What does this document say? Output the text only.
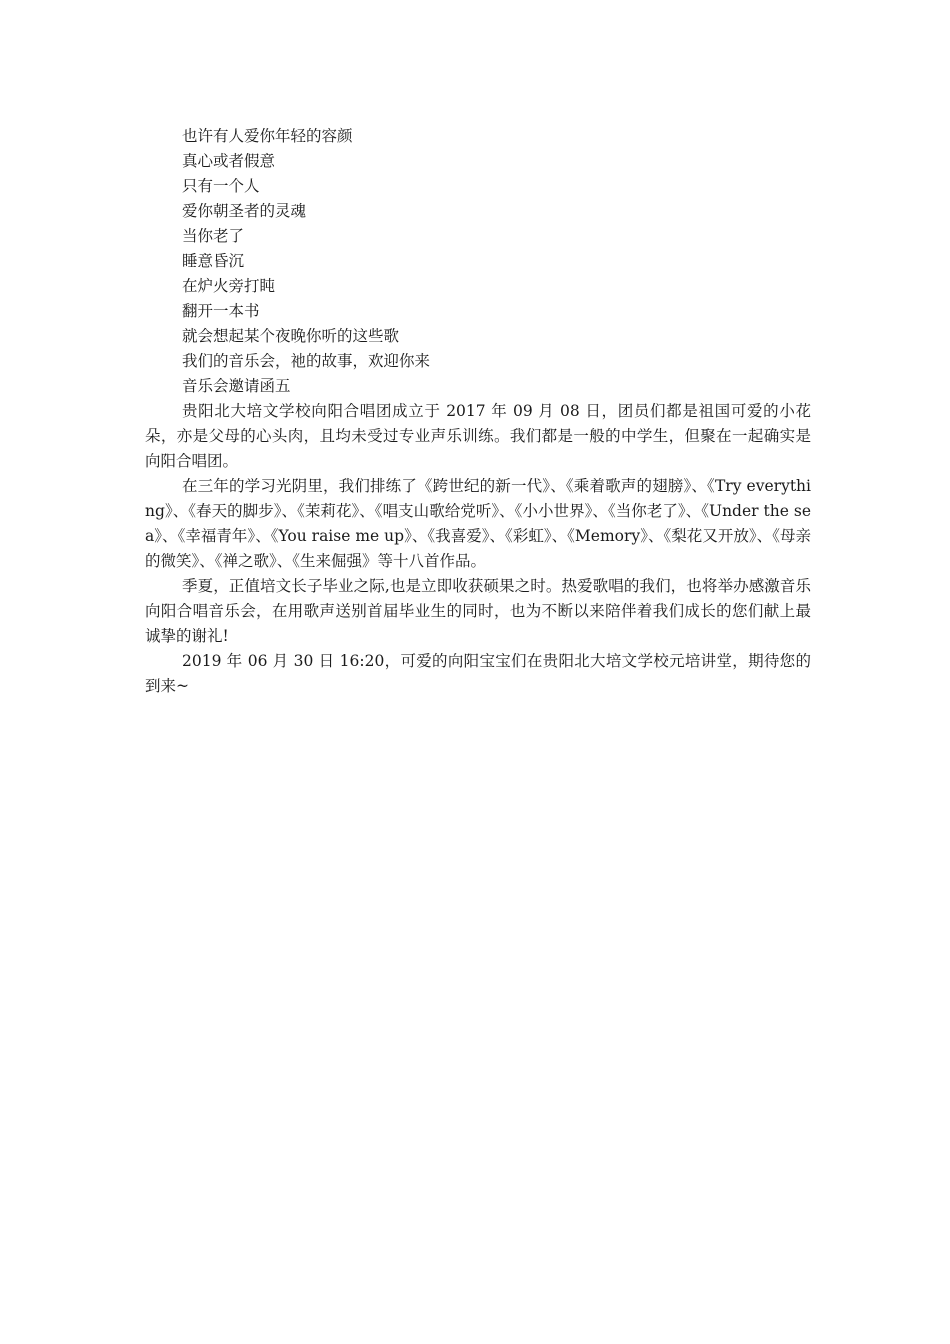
也许有人爱你年轻的容颜

真心或者假意

只有一个人

爱你朝圣者的灵魂

当你老了

睡意昏沉

在炉火旁打盹

翻开一本书

就会想起某个夜晚你听的这些歌

我们的音乐会，祂的故事，欢迎你来

音乐会邀请函五

贵阳北大培文学校向阳合唱团成立于 2017 年 09 月 08 日，团员们都是祖国可爱的小花朵，亦是父母的心头肉，且均未受过专业声乐训练。我们都是一般的中学生，但聚在一起确实是向阳合唱团。

在三年的学习光阴里，我们排练了《跨世纪的新一代》、《乘着歌声的翅膀》、《Try everything》、《春天的脚步》、《茉莉花》、《唱支山歌给党听》、《小小世界》、《当你老了》、《Under the sea》、《幸福青年》、《You raise me up》、《我喜爱》、《彩虹》、《Memory》、《梨花又开放》、《母亲的微笑》、《禅之歌》、《生来倔强》等十八首作品。

季夏，正值培文长子毕业之际,也是立即收获硕果之时。热爱歌唱的我们，也将举办感激音乐向阳合唱音乐会，在用歌声送别首届毕业生的同时，也为不断以来陪伴着我们成长的您们献上最诚挚的谢礼!

2019 年 06 月 30 日 16:20，可爱的向阳宝宝们在贵阳北大培文学校元培讲堂，期待您的到来~
